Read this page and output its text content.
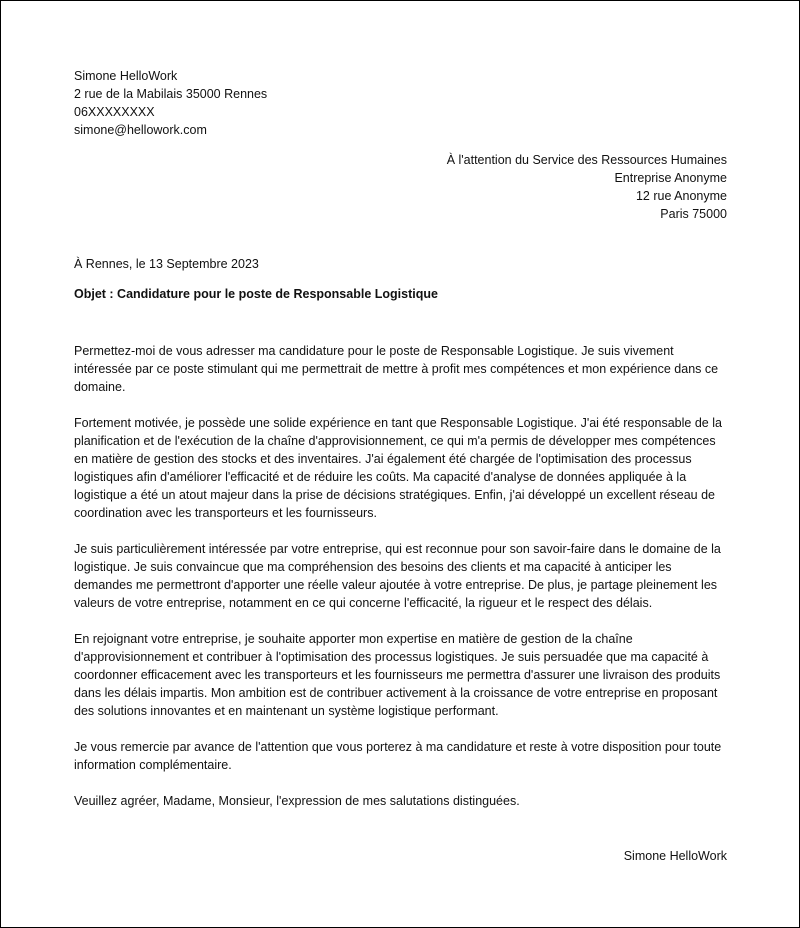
Simone HelloWork
2 rue de la Mabilais 35000 Rennes
06XXXXXXXX
simone@hellowork.com
À l'attention du Service des Ressources Humaines
Entreprise Anonyme
12 rue Anonyme
Paris 75000
À Rennes, le 13 Septembre 2023
Objet : Candidature pour le poste de Responsable Logistique

Permettez-moi de vous adresser ma candidature pour le poste de Responsable Logistique. Je suis vivement intéressée par ce poste stimulant qui me permettrait de mettre à profit mes compétences et mon expérience dans ce domaine.

Fortement motivée, je possède une solide expérience en tant que Responsable Logistique. J'ai été responsable de la planification et de l'exécution de la chaîne d'approvisionnement, ce qui m'a permis de développer mes compétences en matière de gestion des stocks et des inventaires. J'ai également été chargée de l'optimisation des processus logistiques afin d'améliorer l'efficacité et de réduire les coûts. Ma capacité d'analyse de données appliquée à la logistique a été un atout majeur dans la prise de décisions stratégiques. Enfin, j'ai développé un excellent réseau de coordination avec les transporteurs et les fournisseurs.

Je suis particulièrement intéressée par votre entreprise, qui est reconnue pour son savoir-faire dans le domaine de la logistique. Je suis convaincue que ma compréhension des besoins des clients et ma capacité à anticiper les demandes me permettront d'apporter une réelle valeur ajoutée à votre entreprise. De plus, je partage pleinement les valeurs de votre entreprise, notamment en ce qui concerne l'efficacité, la rigueur et le respect des délais.

En rejoignant votre entreprise, je souhaite apporter mon expertise en matière de gestion de la chaîne d'approvisionnement et contribuer à l'optimisation des processus logistiques. Je suis persuadée que ma capacité à coordonner efficacement avec les transporteurs et les fournisseurs me permettra d'assurer une livraison des produits dans les délais impartis. Mon ambition est de contribuer activement à la croissance de votre entreprise en proposant des solutions innovantes et en maintenant un système logistique performant.

Je vous remercie par avance de l'attention que vous porterez à ma candidature et reste à votre disposition pour toute information complémentaire.

Veuillez agréer, Madame, Monsieur, l'expression de mes salutations distinguées.

Simone HelloWork
